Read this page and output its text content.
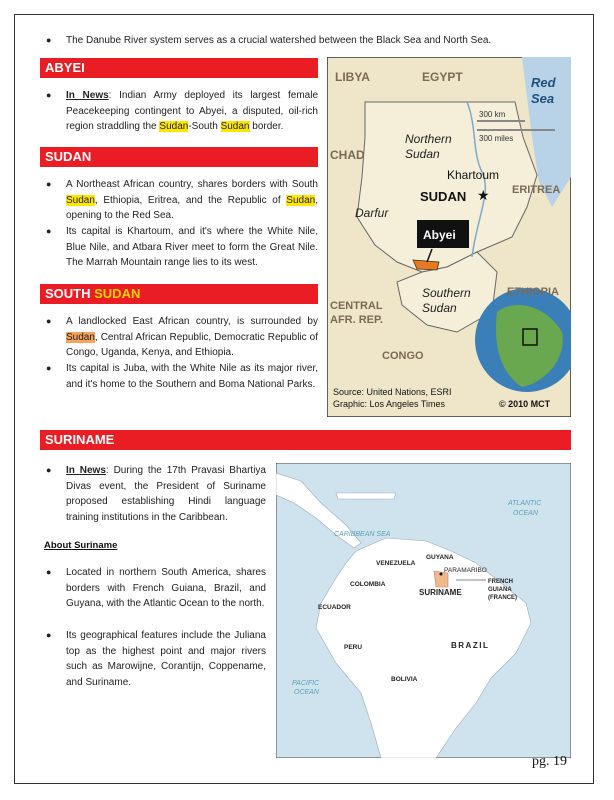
● The Danube River system serves as a crucial watershed between the Black Sea and North Sea.
ABYEI
● In News: Indian Army deployed its largest female Peacekeeping contingent to Abyei, a disputed, oil-rich region straddling the Sudan-South Sudan border.
SUDAN
● A Northeast African country, shares borders with South Sudan, Ethiopia, Eritrea, and the Republic of Sudan, opening to the Red Sea.
● Its capital is Khartoum, and it's where the White Nile, Blue Nile, and Atbara River meet to form the Great Nile. The Marrah Mountain range lies to its west.
SOUTH SUDAN
● A landlocked East African country, is surrounded by Sudan, Central African Republic, Democratic Republic of Congo, Uganda, Kenya, and Ethiopia.
● Its capital is Juba, with the White Nile as its major river, and it's home to the Southern and Boma National Parks.
Abyei
LIBYA	EGYPT	Red
Sea
300 km
300 miles
CHAD
Northern
Sudan
Khartoum
SUDAN ★ ERITREA
Darfur
Southern
Sudan
ETHIOPIA
CENTRAL
AFR. REP.
CONGO
Source: United Nations, ESRI
Graphic: Los Angeles Times	© 2010 MCT
SURINAME
● In News: During the 17th Pravasi Bhartiya Divas event, the President of Suriname proposed establishing Hindi language training institutions in the Caribbean.
About Suriname
● Located in northern South America, shares borders with French Guiana, Brazil, and Guyana, with the Atlantic Ocean to the north.
● Its geographical features include the Juliana top as the highest point and major rivers such as Marowijne, Corantijn, Coppename, and Suriname.
ATLANTIC
OCEAN
CARIBBEAN SEA
GUYANA
PARAMARIBO
VENEZUELA
COLOMBIA
SURINAME
FRENCH
GUIANA
(FRANCE)
ECUADOR
PERU	BRAZIL
BOLIVIA
PACIFIC
OCEAN
pg. 19
